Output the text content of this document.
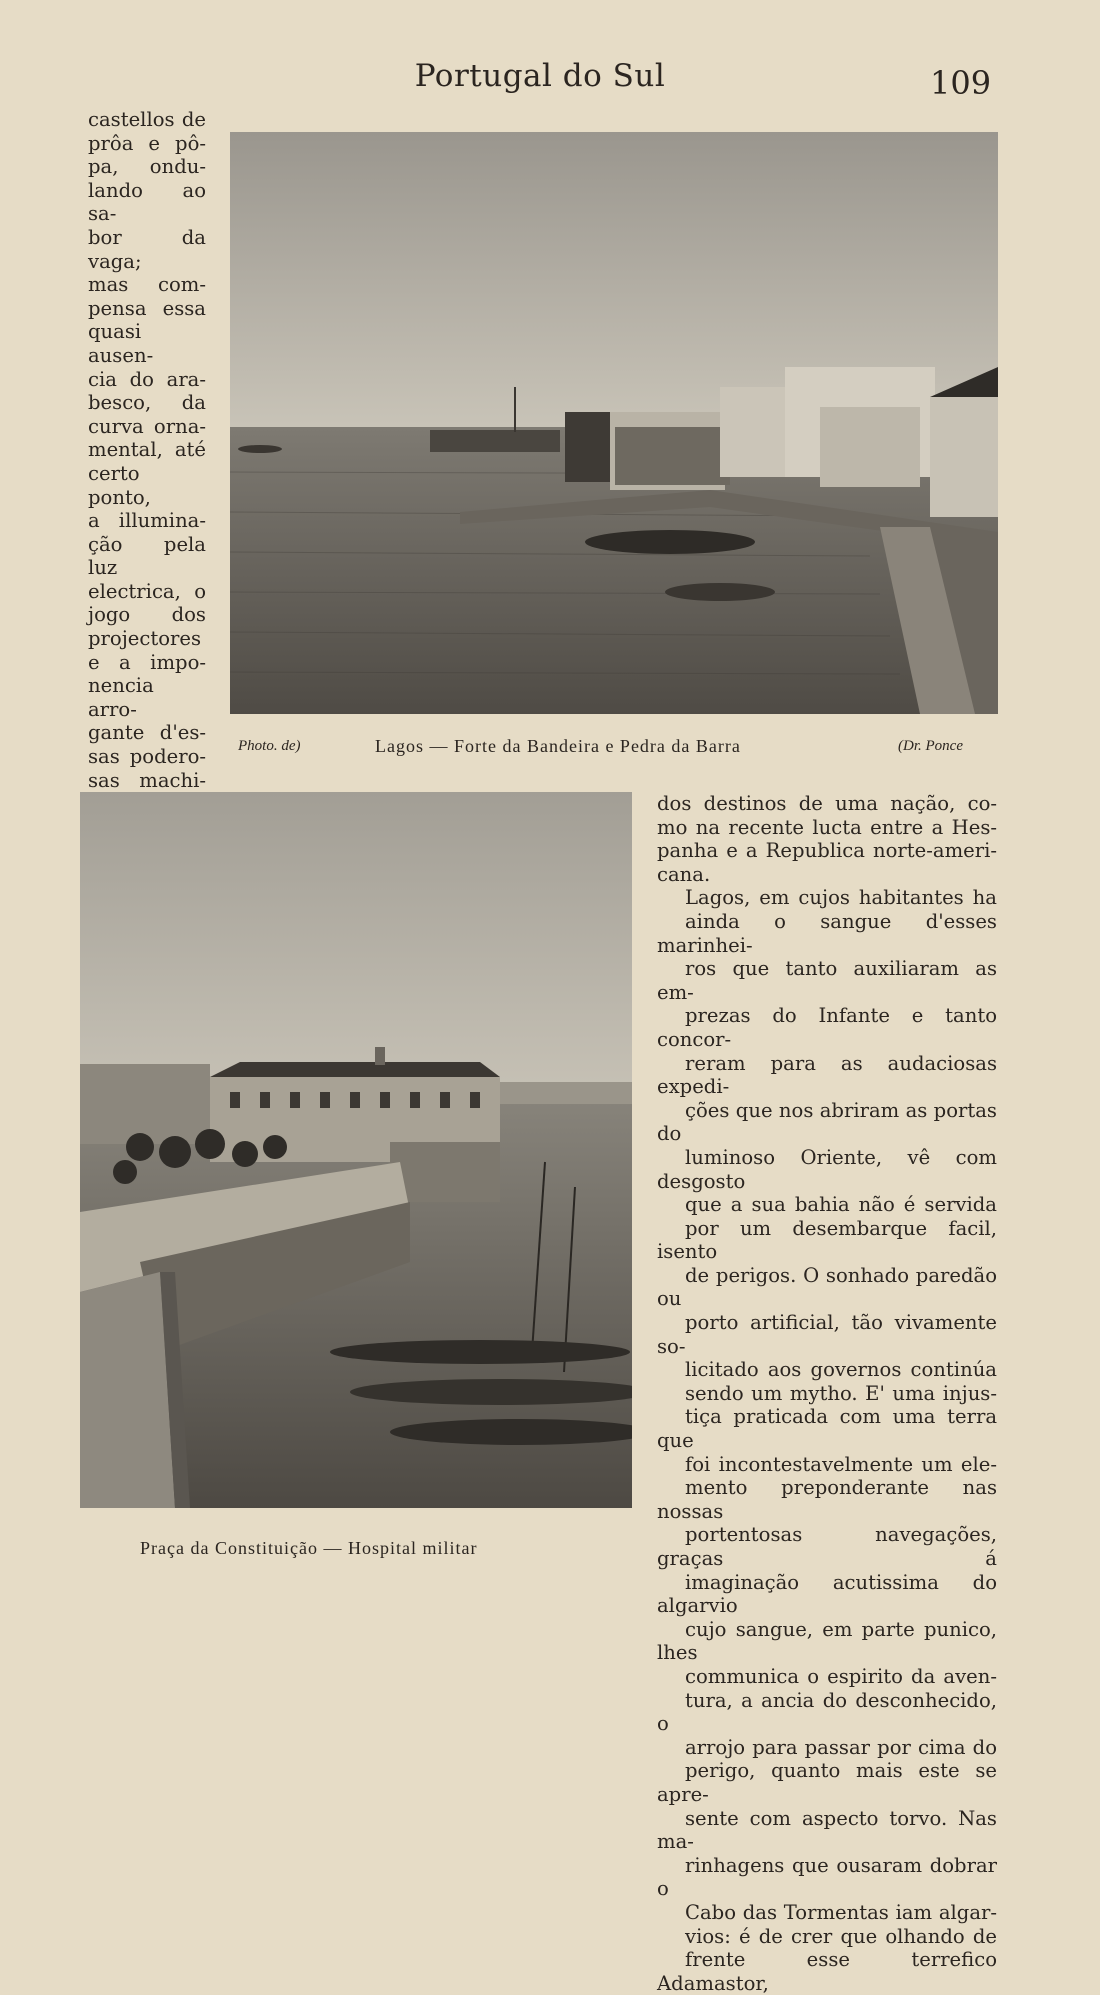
Portugal do Sul	109

castellos de
prôa e pô-
pa, ondu-
lando ao sa-
bor da vaga;
mas com-
pensa essa
quasi ausen-
cia do ara-
besco, da
curva orna-
mental, até
certo ponto,
a illumina-
ção pela luz
electrica, o
jogo dos
projectores
e a impo-
nencia arro-
gante d'es-
sas podero-
sas machi-

Photo. de)	Lagos — Forte da Bandeira e Pedra da Barra	(Dr. Ponce
Praça da Constituição — Hospital militar

dos destinos de uma nação, co-
mo na recente lucta entre a Hes-
panha e a Republica norte-ameri-
cana.

Lagos, em cujos habitantes ha
ainda o sangue d'esses marinhei-
ros que tanto auxiliaram as em-
prezas do Infante e tanto concor-
reram para as audaciosas expedi-
ções que nos abriram as portas do
luminoso Oriente, vê com desgosto
que a sua bahia não é servida
por um desembarque facil, isento
de perigos. O sonhado paredão ou
porto artificial, tão vivamente so-
licitado aos governos continúa
sendo um mytho. E' uma injus-
tiça praticada com uma terra que
foi incontestavelmente um ele-
mento preponderante nas nossas
portentosas navegações, graças á
imaginação acutissima do algarvio
cujo sangue, em parte punico, lhes
communica o espirito da aven-
tura, a ancia do desconhecido, o
arrojo para passar por cima do
perigo, quanto mais este se apre-
sente com aspecto torvo. Nas ma-
rinhagens que ousaram dobrar o
Cabo das Tormentas iam algar-
vios: é de crer que olhando de
frente esse terrefico Adamastor,
